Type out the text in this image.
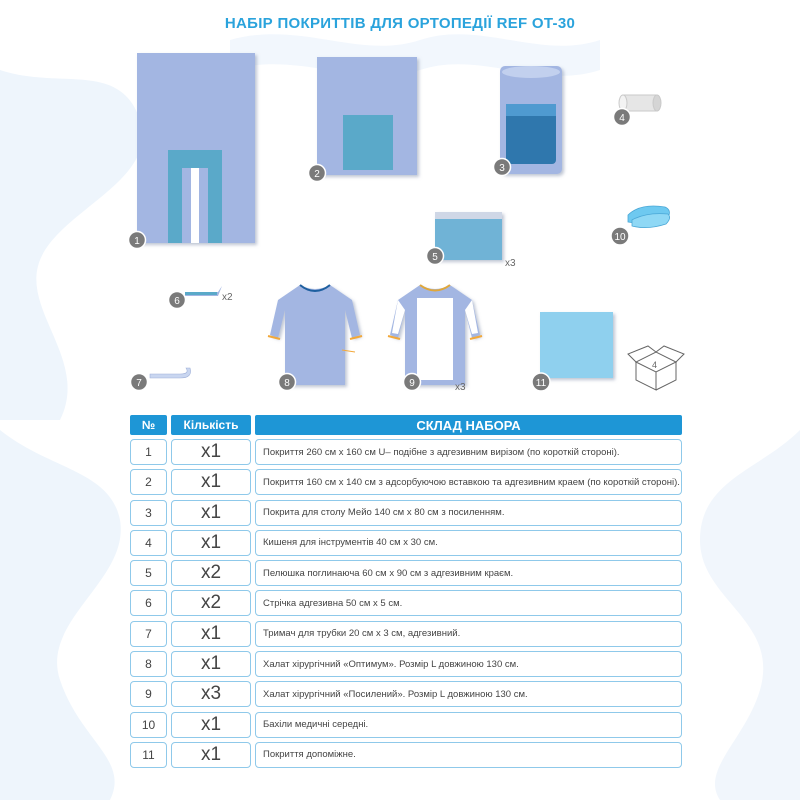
НАБІР ПОКРИТТІВ ДЛЯ ОРТОПЕДІЇ REF OT-30
4
1
2
3
4
5
x3
6	x2
7	8	9	x3
10
11
№	Кількість	СКЛАД НАБОРА
1	x1	Покриття 260 см х 160 см U– подібне з адгезивним вирізом (по короткій стороні).
2	x1	Покриття 160 см х 140 см з адсорбуючою вставкою та адгезивним краем (по короткій стороні).
3	x1	Покрита для столу Мейо 140 см х 80 см з посиленням.
4	x1	Кишеня для інструментів 40 см х 30 см.
5	x2	Пелюшка поглинаюча 60 см х 90 см з адгезивним краєм.
6	x2	Стрічка адгезивна 50 см х 5 см.
7	x1	Тримач для трубки 20 см х 3 см, адгезивний.
8	x1	Халат хірургічний «Оптимум». Розмір L довжиною 130 см.
9	x3	Халат хірургічний «Посилений». Розмір L довжиною 130 см.
10	x1	Бахіли медичні середні.
11	x1	Покриття допоміжне.
